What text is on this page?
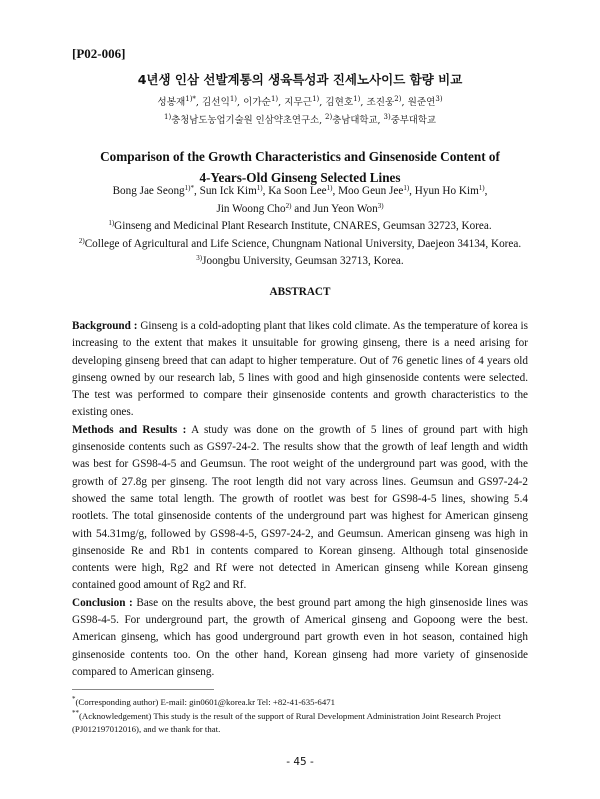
[P02-006]
4년생 인삼 선발계통의 생육특성과 진세노사이드 함량 비교
성봉재$^{1)*}$, 김선익$^{1)}$, 이가순$^{1)}$, 지무근$^{1)}$, 김현호$^{1)}$, 조진웅$^{2)}$, 원준연$^{3)}$
$^{1)}$충청남도농업기술원 인삼약초연구소, $^{2)}$충남대학교, $^{3)}$중부대학교
Comparison of the Growth Characteristics and Ginsenoside Content of
4-Years-Old Ginseng Selected Lines
Bong Jae Seong$^{1)*}$, Sun Ick Kim$^{1)}$, Ka Soon Lee$^{1)}$, Moo Geun Jee$^{1)}$, Hyun Ho Kim$^{1)}$,
Jin Woong Cho$^{2)}$ and Jun Yeon Won$^{3)}$
$^{1)}$Ginseng and Medicinal Plant Research Institute, CNARES, Geumsan 32723, Korea.
$^{2)}$College of Agricultural and Life Science, Chungnam National University, Daejeon 34134, Korea.
$^{3)}$Joongbu University, Geumsan 32713, Korea.
ABSTRACT

Background : Ginseng is a cold-adopting plant that likes cold climate. As the temperature of korea is increasing to the extent that makes it unsuitable for growing ginseng, there is a need arising for developing ginseng breed that can adapt to higher temperature. Out of 76 genetic lines of 4 years old ginseng owned by our research lab, 5 lines with good and high ginsenoside contents were selected. The test was performed to compare their ginsenoside contents and growth characteristics to the existing ones.

Methods and Results : A study was done on the growth of 5 lines of ground part with high ginsenoside contents such as GS97-24-2. The results show that the growth of leaf length and width was best for GS98-4-5 and Geumsun. The root weight of the underground part was good, with the growth of 27.8g per ginseng. The root length did not vary across lines. Geumsun and GS97-24-2 showed the same total length. The growth of rootlet was best for GS98-4-5 lines, showing 5.4 rootlets. The total ginsenoside contents of the underground part was highest for American ginseng with 54.31mg/g, followed by GS98-4-5, GS97-24-2, and Geumsun. American ginseng was high in ginsenoside Re and Rb1 in contents compared to Korean ginseng. Although total ginsenoside contents were high, Rg2 and Rf were not detected in American ginseng while Korean ginseng contained good amount of Rg2 and Rf.

Conclusion : Base on the results above, the best ground part among the high ginsenoside lines was GS98-4-5. For underground part, the growth of Americal ginseng and Gopoong were the best. American ginseng, which has good underground part growth even in hot season, contained high ginsenoside contents too. On the other hand, Korean ginseng had more variety of ginsenoside compared to American ginseng.

*(Corresponding author) E-mail: gin0601@korea.kr Tel: +82-41-635-6471
**(Acknowledgement) This study is the result of the support of Rural Development Administration Joint Research Project (PJ012197012016), and we thank for that.
- 45 -
